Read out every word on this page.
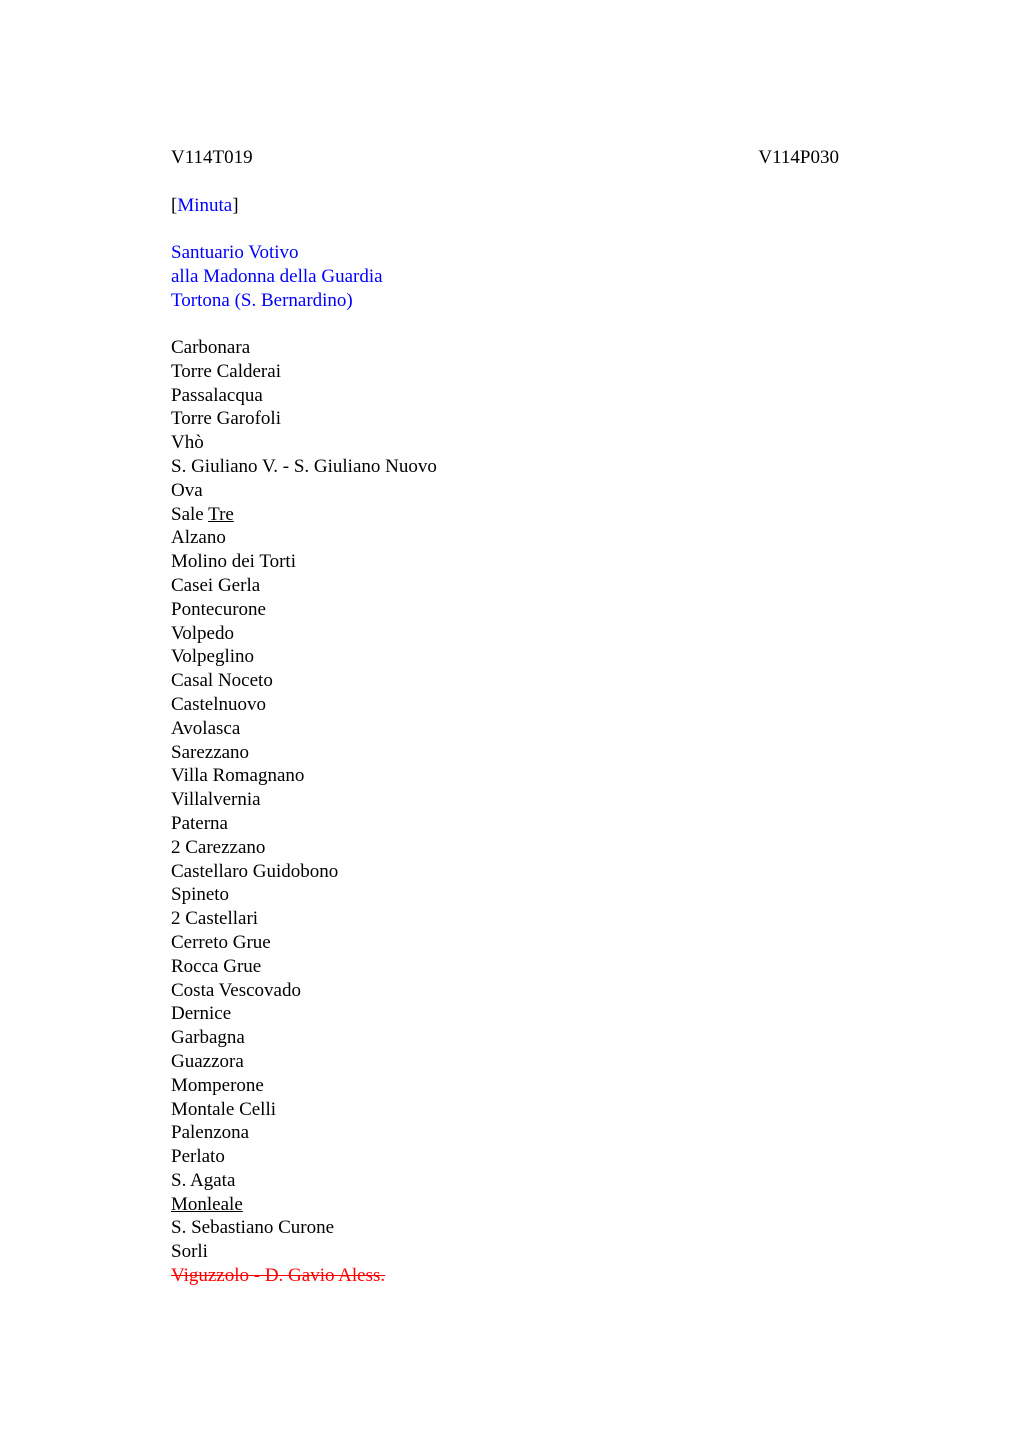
V114T019	V114P030
[Minuta]
Santuario Votivo
alla Madonna della Guardia
Tortona (S. Bernardino)
Carbonara
Torre Calderai
Passalacqua
Torre Garofoli
Vhò
S. Giuliano V. - S. Giuliano Nuovo
Ova
Sale Tre
Alzano
Molino dei Torti
Casei Gerla
Pontecurone
Volpedo
Volpeglino
Casal Noceto
Castelnuovo
Avolasca
Sarezzano
Villa Romagnano
Villalvernia
Paterna
2 Carezzano
Castellaro Guidobono
Spineto
2 Castellari
Cerreto Grue
Rocca Grue
Costa Vescovado
Dernice
Garbagna
Guazzora
Momperone
Montale Celli
Palenzona
Perlato
S. Agata
Monleale
S. Sebastiano Curone
Sorli
Viguzzolo - D. Gavio Aless.
